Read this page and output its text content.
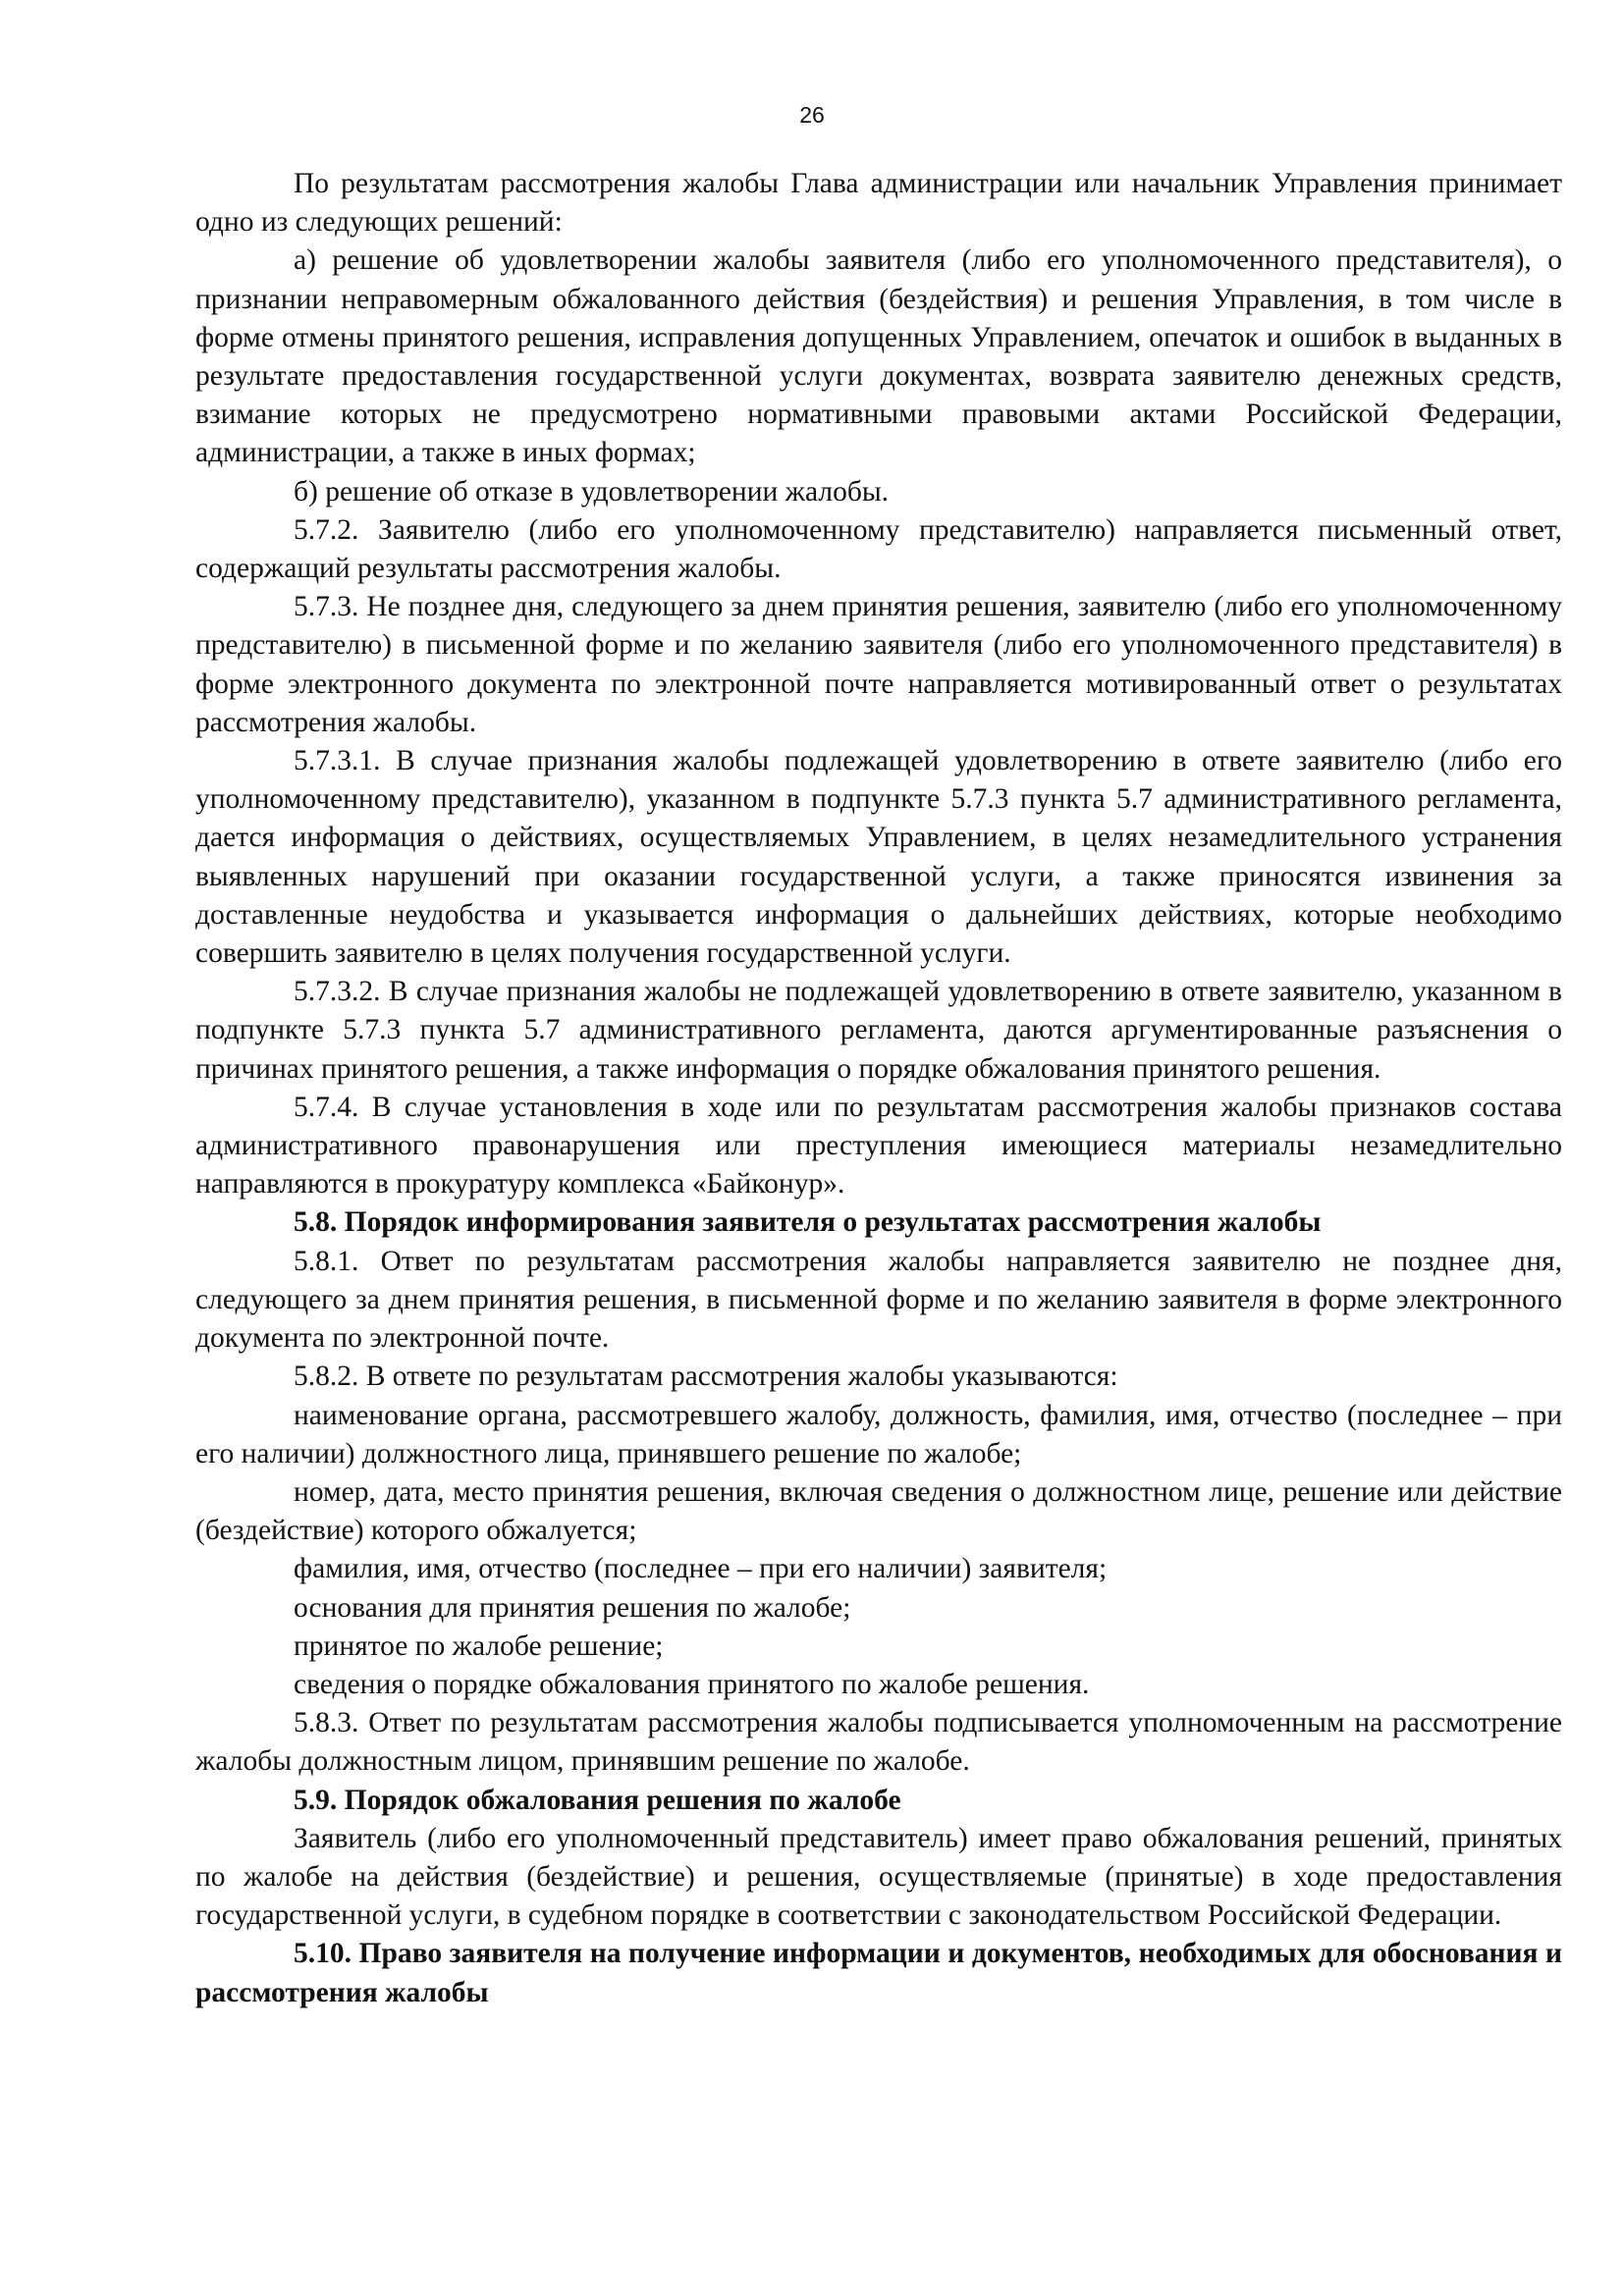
26

По результатам рассмотрения жалобы Глава администрации или начальник Управления принимает одно из следующих решений:

а) решение об удовлетворении жалобы заявителя (либо его уполномоченного представителя), о признании неправомерным обжалованного действия (бездействия) и решения Управления, в том числе в форме отмены принятого решения, исправления допущенных Управлением, опечаток и ошибок в выданных в результате предоставления государственной услуги документах, возврата заявителю денежных средств, взимание которых не предусмотрено нормативными правовыми актами Российской Федерации, администрации, а также в иных формах;

б) решение об отказе в удовлетворении жалобы.

5.7.2. Заявителю (либо его уполномоченному представителю) направляется письменный ответ, содержащий результаты рассмотрения жалобы.

5.7.3. Не позднее дня, следующего за днем принятия решения, заявителю (либо его уполномоченному представителю) в письменной форме и по желанию заявителя (либо его уполномоченного представителя) в форме электронного документа по электронной почте направляется мотивированный ответ о результатах рассмотрения жалобы.

5.7.3.1. В случае признания жалобы подлежащей удовлетворению в ответе заявителю (либо его уполномоченному представителю), указанном в подпункте 5.7.3 пункта 5.7 административного регламента, дается информация о действиях, осуществляемых Управлением, в целях незамедлительного устранения выявленных нарушений при оказании государственной услуги, а также приносятся извинения за доставленные неудобства и указывается информация о дальнейших действиях, которые необходимо совершить заявителю в целях получения государственной услуги.

5.7.3.2. В случае признания жалобы не подлежащей удовлетворению в ответе заявителю, указанном в подпункте 5.7.3 пункта 5.7 административного регламента, даются аргументированные разъяснения о причинах принятого решения, а также информация о порядке обжалования принятого решения.

5.7.4. В случае установления в ходе или по результатам рассмотрения жалобы признаков состава административного правонарушения или преступления имеющиеся материалы незамедлительно направляются в прокуратуру комплекса «Байконур».

5.8. Порядок информирования заявителя о результатах рассмотрения жалобы

5.8.1. Ответ по результатам рассмотрения жалобы направляется заявителю не позднее дня, следующего за днем принятия решения, в письменной форме и по желанию заявителя в форме электронного документа по электронной почте.

5.8.2. В ответе по результатам рассмотрения жалобы указываются:

наименование органа, рассмотревшего жалобу, должность, фамилия, имя, отчество (последнее – при его наличии) должностного лица, принявшего решение по жалобе;

номер, дата, место принятия решения, включая сведения о должностном лице, решение или действие (бездействие) которого обжалуется;

фамилия, имя, отчество (последнее – при его наличии) заявителя;

основания для принятия решения по жалобе;

принятое по жалобе решение;

сведения о порядке обжалования принятого по жалобе решения.

5.8.3. Ответ по результатам рассмотрения жалобы подписывается уполномоченным на рассмотрение жалобы должностным лицом, принявшим решение по жалобе.

5.9. Порядок обжалования решения по жалобе

Заявитель (либо его уполномоченный представитель) имеет право обжалования решений, принятых по жалобе на действия (бездействие) и решения, осуществляемые (принятые) в ходе предоставления государственной услуги, в судебном порядке в соответствии с законодательством Российской Федерации.

5.10. Право заявителя на получение информации и документов, необходимых для обоснования и рассмотрения жалобы
